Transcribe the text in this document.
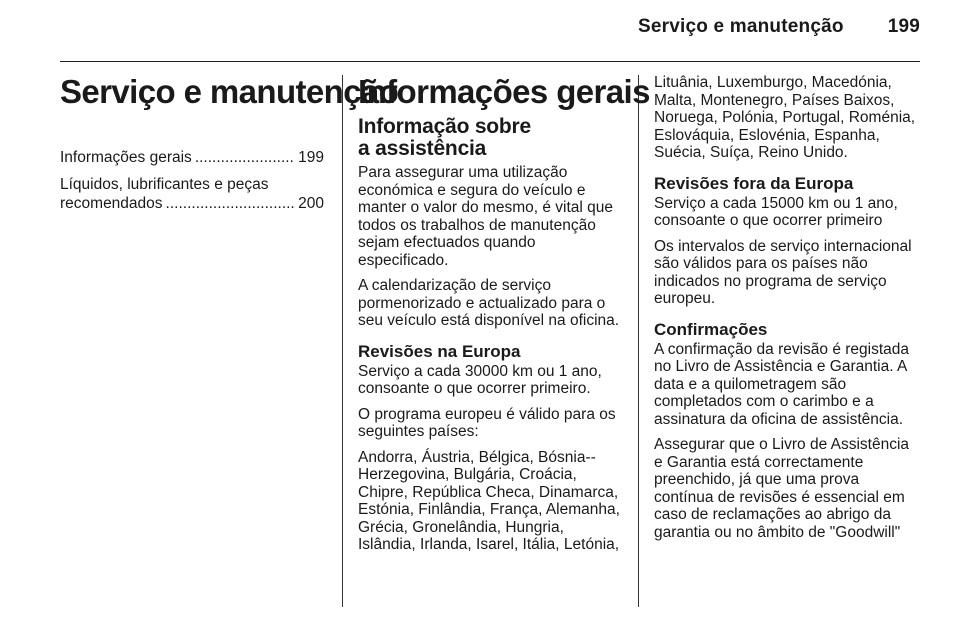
Serviço e manutenção 199
Serviço e manutenção
Informações gerais .....	199
Líquidos, lubrificantes e peças
recomendados .....	200
Informações gerais
Informação sobre
a assistência

Para assegurar uma utilização económica e segura do veículo e manter o valor do mesmo, é vital que todos os trabalhos de manutenção sejam efectuados quando especificado.

A calendarização de serviço pormenorizado e actualizado para o seu veículo está disponível na oficina.

Revisões na Europa

Serviço a cada 30000 km ou 1 ano, consoante o que ocorrer primeiro.

O programa europeu é válido para os seguintes países:

Andorra, Áustria, Bélgica, Bósnia--Herzegovina, Bulgária, Croácia, Chipre, República Checa, Dinamarca, Estónia, Finlândia, França, Alemanha, Grécia, Gronelândia, Hungria, Islândia, Irlanda, Isarel, Itália, Letónia,

Lituânia, Luxemburgo, Macedónia, Malta, Montenegro, Países Baixos, Noruega, Polónia, Portugal, Roménia, Eslováquia, Eslovénia, Espanha, Suécia, Suíça, Reino Unido.

Revisões fora da Europa

Serviço a cada 15000 km ou 1 ano, consoante o que ocorrer primeiro

Os intervalos de serviço internacional são válidos para os países não indicados no programa de serviço europeu.

Confirmações

A confirmação da revisão é registada no Livro de Assistência e Garantia. A data e a quilometragem são completados com o carimbo e a assinatura da oficina de assistência.

Assegurar que o Livro de Assistência e Garantia está correctamente preenchido, já que uma prova contínua de revisões é essencial em caso de reclamações ao abrigo da garantia ou no âmbito de "Goodwill"
